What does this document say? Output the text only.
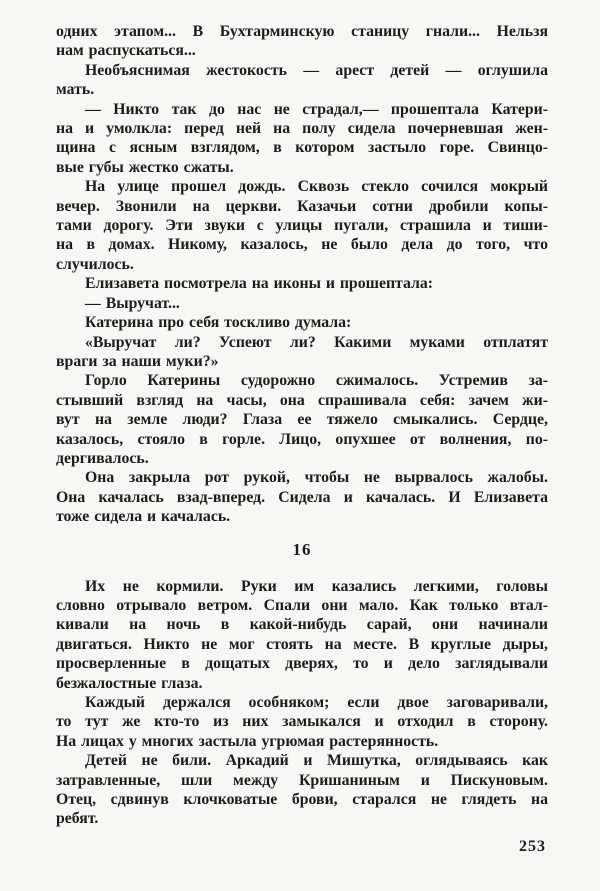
одних этапом... В Бухтарминскую станицу гнали... Нельзя
нам распускаться...
Необъяснимая жестокость — арест детей — оглушила
мать.
— Никто так до нас не страдал,— прошептала Катери-
на и умолкла: перед ней на полу сидела почерневшая жен-
щина с ясным взглядом, в котором застыло горе. Свинцо-
вые губы жестко сжаты.
На улице прошел дождь. Сквозь стекло сочился мокрый
вечер. Звонили на церкви. Казачьи сотни дробили копы-
тами дорогу. Эти звуки с улицы пугали, страшила и тиши-
на в домах. Никому, казалось, не было дела до того, что
случилось.
Елизавета посмотрела на иконы и прошептала:
— Выручат...
Катерина про себя тоскливо думала:
«Выручат ли? Успеют ли? Какими муками отплатят
враги за наши муки?»
Горло Катерины судорожно сжималось. Устремив за-
стывший взгляд на часы, она спрашивала себя: зачем жи-
вут на земле люди? Глаза ее тяжело смыкались. Сердце,
казалось, стояло в горле. Лицо, опухшее от волнения, по-
дергивалось.
Она закрыла рот рукой, чтобы не вырвалось жалобы.
Она качалась взад-вперед. Сидела и качалась. И Елизавета
тоже сидела и качалась.
16
Их не кормили. Руки им казались легкими, головы
словно отрывало ветром. Спали они мало. Как только втал-
кивали на ночь в какой-нибудь сарай, они начинали
двигаться. Никто не мог стоять на месте. В круглые дыры,
просверленные в дощатых дверях, то и дело заглядывали
безжалостные глаза.
Каждый держался особняком; если двое заговаривали,
то тут же кто-то из них замыкался и отходил в сторону.
На лицах у многих застыла угрюмая растерянность.
Детей не били. Аркадий и Мишутка, оглядываясь как
затравленные, шли между Кришаниным и Пискуновым.
Отец, сдвинув клочковатые брови, старался не глядеть на
ребят.
253
